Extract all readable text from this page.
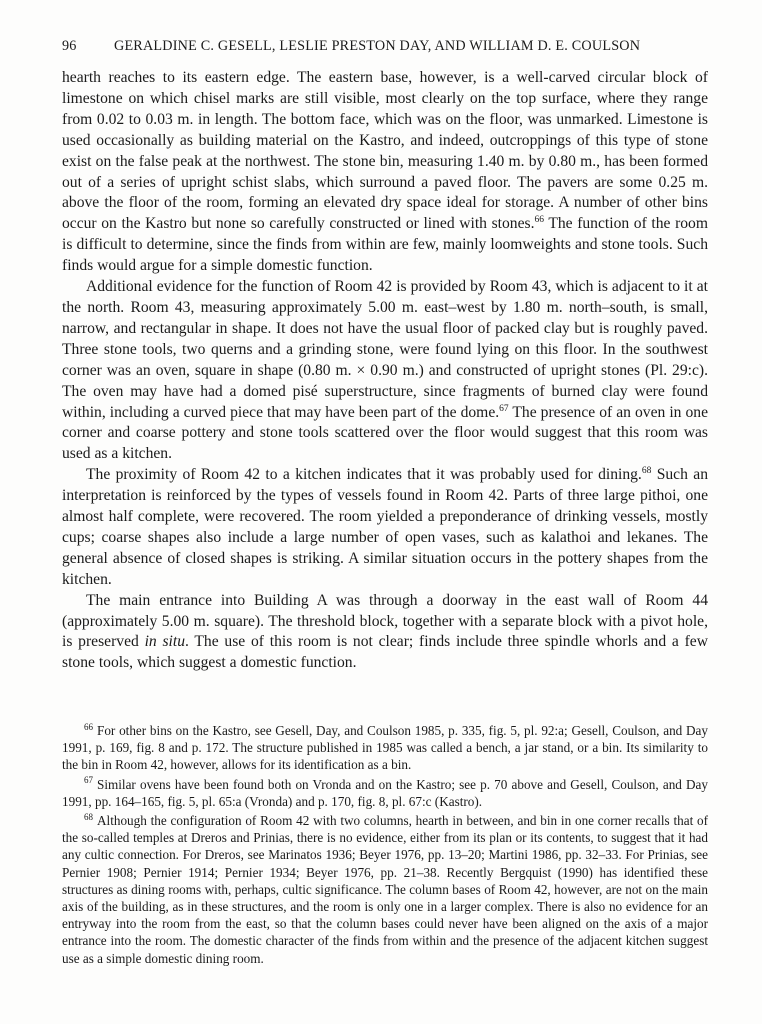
96	GERALDINE C. GESELL, LESLIE PRESTON DAY, AND WILLIAM D. E. COULSON

hearth reaches to its eastern edge. The eastern base, however, is a well-carved circular block of limestone on which chisel marks are still visible, most clearly on the top surface, where they range from 0.02 to 0.03 m. in length. The bottom face, which was on the floor, was unmarked. Limestone is used occasionally as building material on the Kastro, and indeed, outcroppings of this type of stone exist on the false peak at the northwest. The stone bin, measuring 1.40 m. by 0.80 m., has been formed out of a series of upright schist slabs, which surround a paved floor. The pavers are some 0.25 m. above the floor of the room, forming an elevated dry space ideal for storage. A number of other bins occur on the Kastro but none so carefully constructed or lined with stones.$^{66}$ The function of the room is difficult to determine, since the finds from within are few, mainly loomweights and stone tools. Such finds would argue for a simple domestic function.

Additional evidence for the function of Room 42 is provided by Room 43, which is adjacent to it at the north. Room 43, measuring approximately 5.00 m. east–west by 1.80 m. north–south, is small, narrow, and rectangular in shape. It does not have the usual floor of packed clay but is roughly paved. Three stone tools, two querns and a grinding stone, were found lying on this floor. In the southwest corner was an oven, square in shape (0.80 m. × 0.90 m.) and constructed of upright stones (Pl. 29:c). The oven may have had a domed pisé superstructure, since fragments of burned clay were found within, including a curved piece that may have been part of the dome.$^{67}$ The presence of an oven in one corner and coarse pottery and stone tools scattered over the floor would suggest that this room was used as a kitchen.

The proximity of Room 42 to a kitchen indicates that it was probably used for dining.$^{68}$ Such an interpretation is reinforced by the types of vessels found in Room 42. Parts of three large pithoi, one almost half complete, were recovered. The room yielded a preponderance of drinking vessels, mostly cups; coarse shapes also include a large number of open vases, such as kalathoi and lekanes. The general absence of closed shapes is striking. A similar situation occurs in the pottery shapes from the kitchen.

The main entrance into Building A was through a doorway in the east wall of Room 44 (approximately 5.00 m. square). The threshold block, together with a separate block with a pivot hole, is preserved in situ. The use of this room is not clear; finds include three spindle whorls and a few stone tools, which suggest a domestic function.

$^{66}$ For other bins on the Kastro, see Gesell, Day, and Coulson 1985, p. 335, fig. 5, pl. 92:a; Gesell, Coulson, and Day 1991, p. 169, fig. 8 and p. 172. The structure published in 1985 was called a bench, a jar stand, or a bin. Its similarity to the bin in Room 42, however, allows for its identification as a bin.

$^{67}$ Similar ovens have been found both on Vronda and on the Kastro; see p. 70 above and Gesell, Coulson, and Day 1991, pp. 164–165, fig. 5, pl. 65:a (Vronda) and p. 170, fig. 8, pl. 67:c (Kastro).

$^{68}$ Although the configuration of Room 42 with two columns, hearth in between, and bin in one corner recalls that of the so-called temples at Dreros and Prinias, there is no evidence, either from its plan or its contents, to suggest that it had any cultic connection. For Dreros, see Marinatos 1936; Beyer 1976, pp. 13–20; Martini 1986, pp. 32–33. For Prinias, see Pernier 1908; Pernier 1914; Pernier 1934; Beyer 1976, pp. 21–38. Recently Bergquist (1990) has identified these structures as dining rooms with, perhaps, cultic significance. The column bases of Room 42, however, are not on the main axis of the building, as in these structures, and the room is only one in a larger complex. There is also no evidence for an entryway into the room from the east, so that the column bases could never have been aligned on the axis of a major entrance into the room. The domestic character of the finds from within and the presence of the adjacent kitchen suggest use as a simple domestic dining room.
